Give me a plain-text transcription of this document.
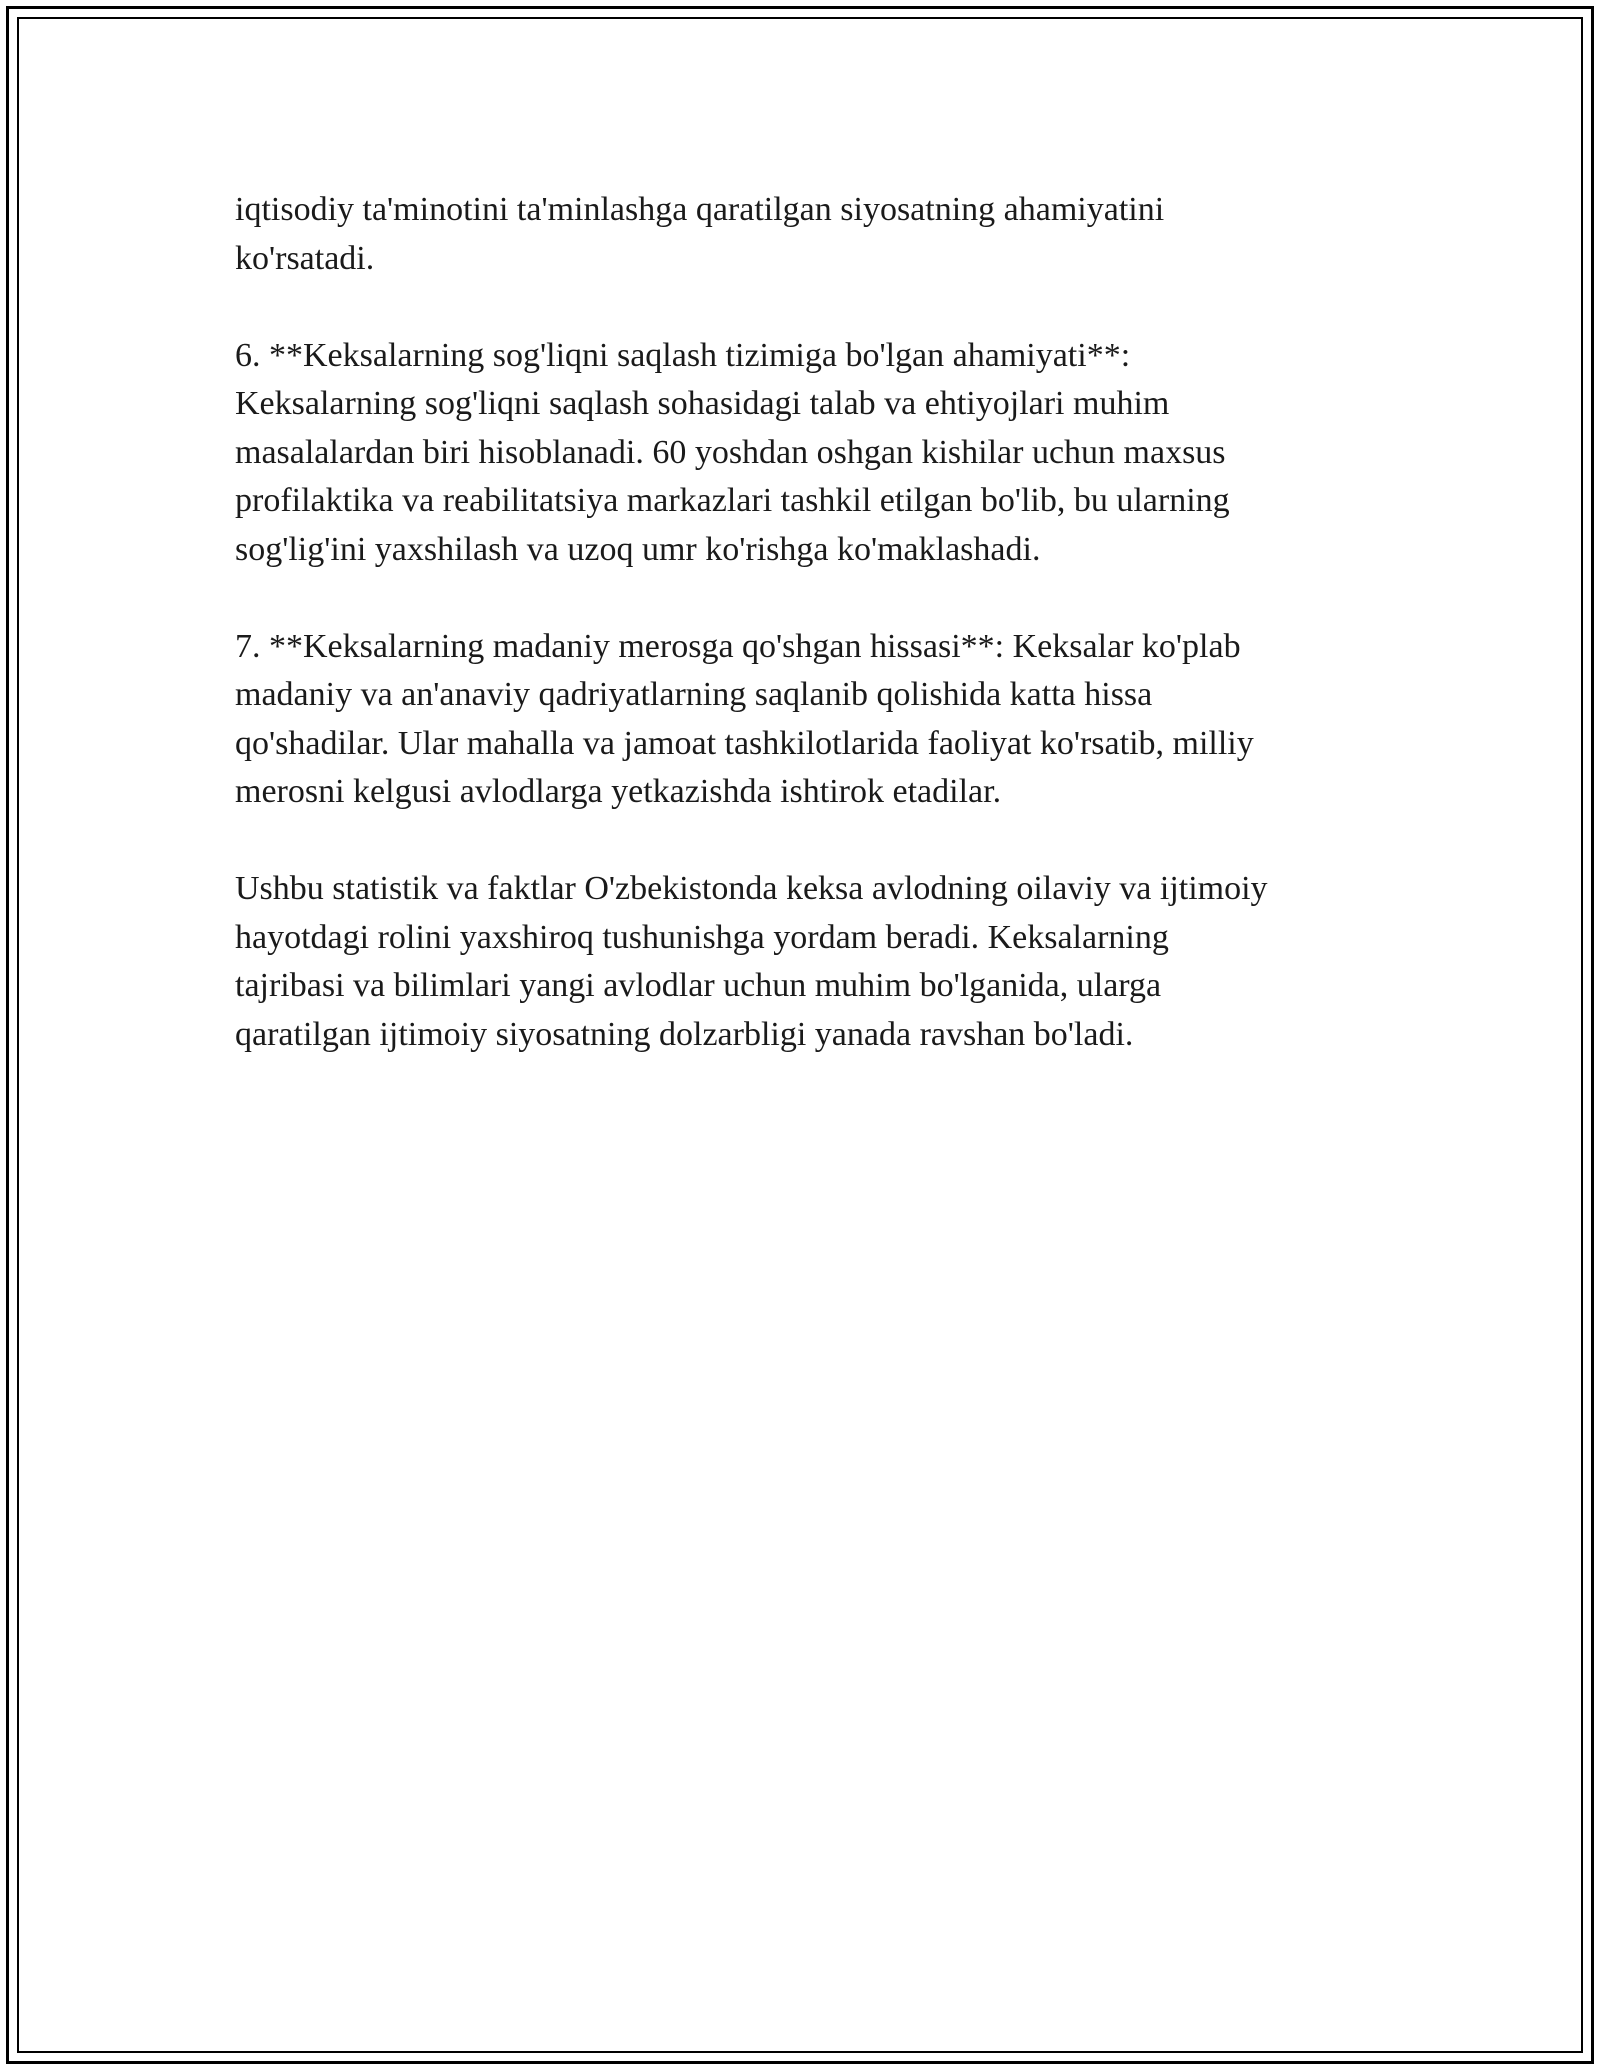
iqtisodiy ta'minotini ta'minlashga qaratilgan siyosatning ahamiyatini
ko'rsatadi.

6. **Keksalarning sog'liqni saqlash tizimiga bo'lgan ahamiyati**:
Keksalarning sog'liqni saqlash sohasidagi talab va ehtiyojlari muhim
masalalardan biri hisoblanadi. 60 yoshdan oshgan kishilar uchun maxsus
profilaktika va reabilitatsiya markazlari tashkil etilgan bo'lib, bu ularning
sog'lig'ini yaxshilash va uzoq umr ko'rishga ko'maklashadi.

7. **Keksalarning madaniy merosga qo'shgan hissasi**: Keksalar ko'plab
madaniy va an'anaviy qadriyatlarning saqlanib qolishida katta hissa
qo'shadilar. Ular mahalla va jamoat tashkilotlarida faoliyat ko'rsatib, milliy
merosni kelgusi avlodlarga yetkazishda ishtirok etadilar.

Ushbu statistik va faktlar O'zbekistonda keksa avlodning oilaviy va ijtimoiy
hayotdagi rolini yaxshiroq tushunishga yordam beradi. Keksalarning
tajribasi va bilimlari yangi avlodlar uchun muhim bo'lganida, ularga
qaratilgan ijtimoiy siyosatning dolzarbligi yanada ravshan bo'ladi.
